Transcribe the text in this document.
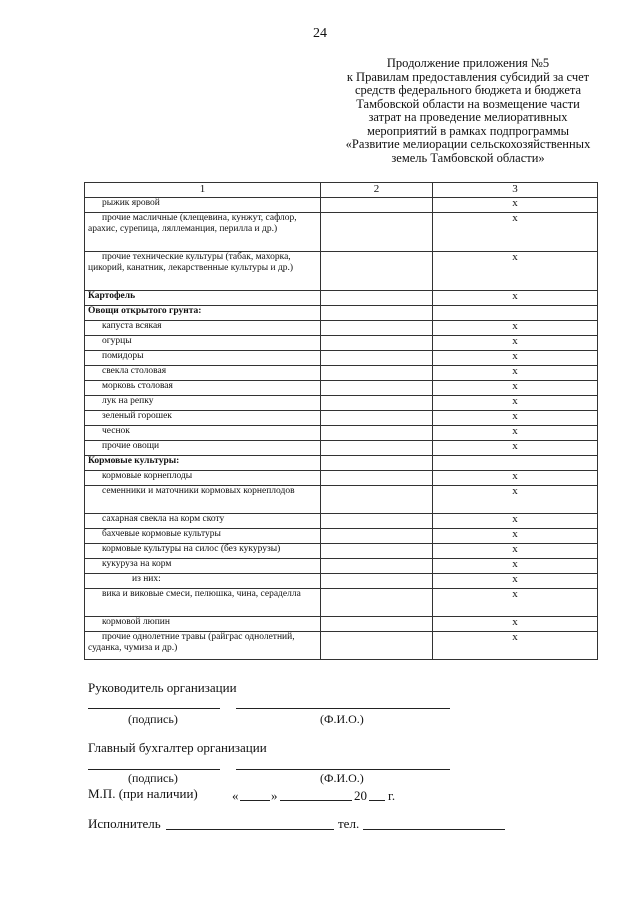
24
Продолжение приложения №5
к Правилам предоставления субсидий за счет
средств федерального бюджета и бюджета
Тамбовской области на возмещение части
затрат на проведение мелиоративных
мероприятий в рамках подпрограммы
«Развитие мелиорации сельскохозяйственных
земель Тамбовской области»
1	2	3
рыжик яровой		х
прочие масличные (клещевина, кунжут, сафлор, арахис, сурепица, ляллеманция, перилла и др.)		х
прочие технические культуры (табак, махорка, цикорий, канатник, лекарственные культуры и др.)		х
Картофель		х
Овощи открытого грунта:		
капуста всякая		х
огурцы		х
помидоры		х
свекла столовая		х
морковь столовая		х
лук на репку		х
зеленый горошек		х
чеснок		х
прочие овощи		х
Кормовые культуры:		
кормовые корнеплоды		х
семенники и маточники кормовых корнеплодов		х
сахарная свекла на корм скоту		х
бахчевые кормовые культуры		х
кормовые культуры на силос (без кукурузы)		х
кукуруза на корм		х
из них:		х
вика и виковые смеси, пелюшка, чина, сераделла		х
кормовой люпин		х
прочие однолетние травы (райграс однолетний, суданка, чумиза и др.)		х
Руководитель организации
(подпись)	(Ф.И.О.)
Главный бухгалтер организации
(подпись)	(Ф.И.О.)
М.П. (при наличии)	«	»	20 г.
Исполнитель	тел.
